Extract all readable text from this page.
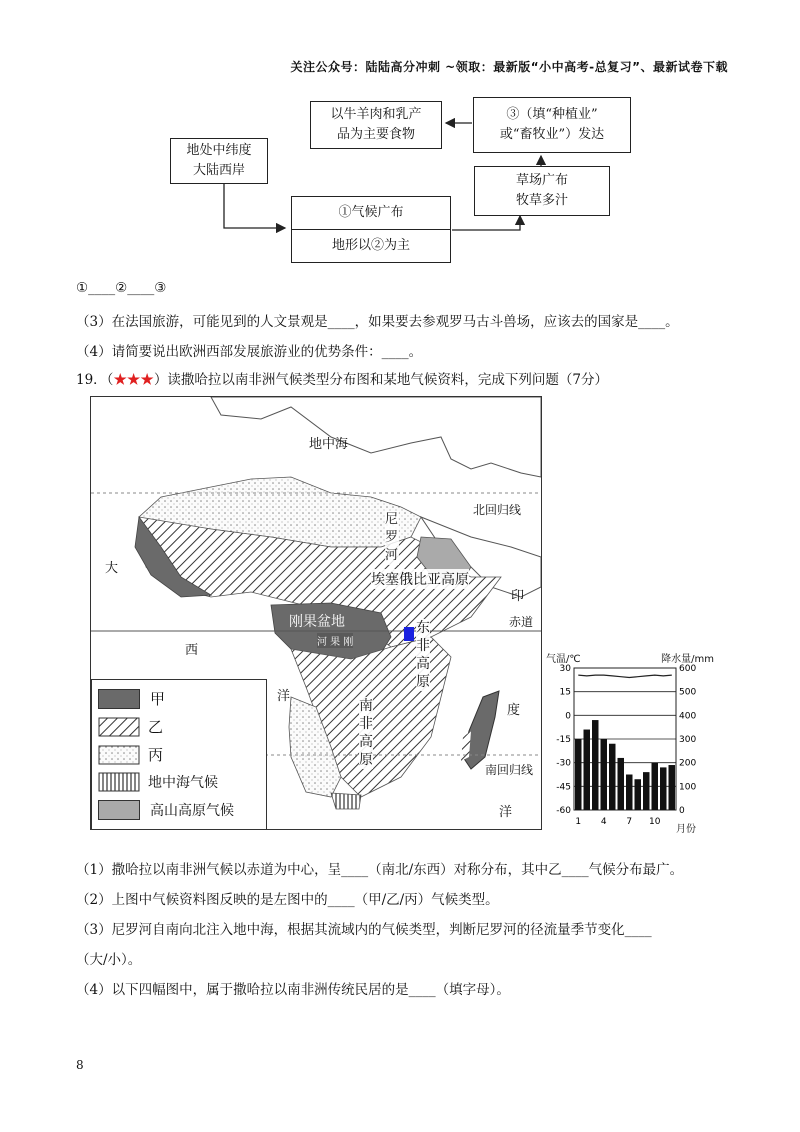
关注公众号：陆陆高分冲刺 ~领取：最新版“小中高考-总复习”、最新试卷下载
以牛羊肉和乳产
品为主要食物
③（填“种植业”
或“畜牧业”）发达
地处中纬度
大陆西岸
草场广布
牧草多汁
①气候广布
地形以②为主
①____②____③
（3）在法国旅游，可能见到的人文景观是____，如果要去参观罗马古斗兽场，应该去的国家是____。
（4）请简要说出欧洲西部发展旅游业的优势条件：____。
19．（★★★）读撒哈拉以南非洲气候类型分布图和某地气候资料，完成下列问题（7分）
地中海
北回归线
大
西
洋
尼罗河
埃塞俄比亚高原
印
赤道
刚果盆地
河 果 刚
东非高原
南非高原
度
南回归线
洋
甲
乙
丙
地中海气候
高山高原气候
气温/℃	降水量/mm
30	600
15	500
0	400
-15	300
-30	200
-45	100
-60	0
1 4 7 10
月份
（1）撒哈拉以南非洲气候以赤道为中心，呈____（南北/东西）对称分布，其中乙____气候分布最广。
（2）上图中气候资料图反映的是左图中的____（甲/乙/丙）气候类型。
（3）尼罗河自南向北注入地中海，根据其流域内的气候类型，判断尼罗河的径流量季节变化____
（大/小）。
（4）以下四幅图中，属于撒哈拉以南非洲传统民居的是____（填字母）。
8
